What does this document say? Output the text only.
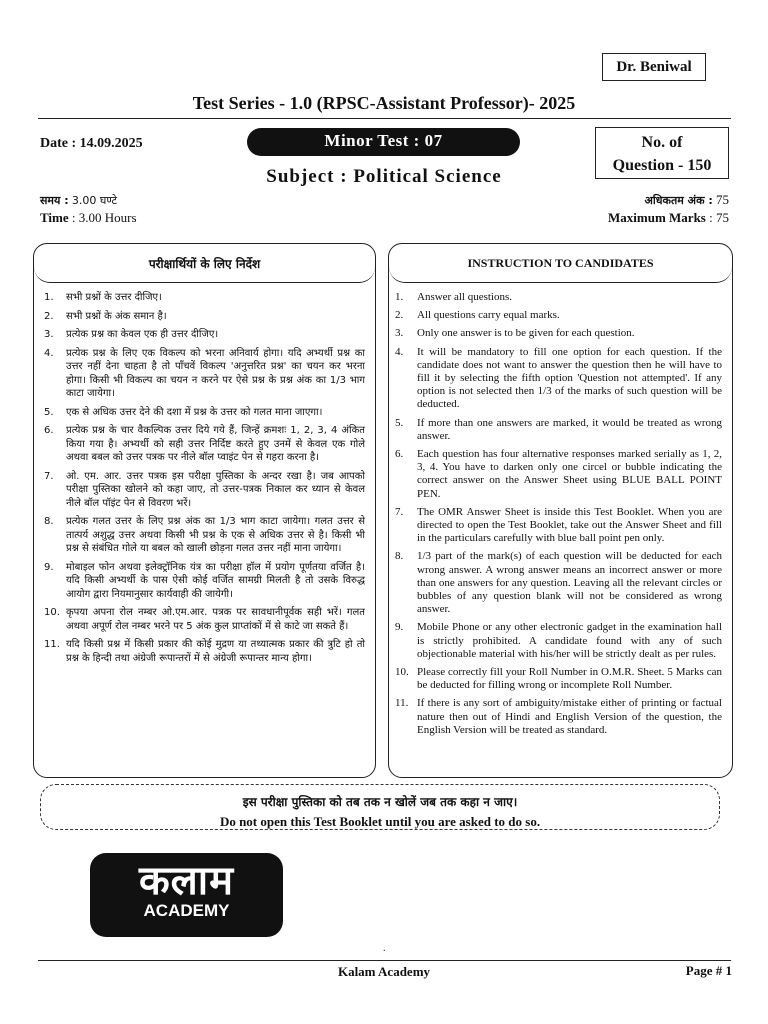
Dr. Beniwal
Test Series - 1.0 (RPSC-Assistant Professor)- 2025
Date : 14.09.2025	Minor Test : 07	No. of
Question - 150
Subject : Political Science
समय : 3.00 घण्टे
Time : 3.00 Hours
अधिकतम अंक : 75
Maximum Marks : 75
परीक्षार्थियों के लिए निर्देश
1. सभी प्रश्नों के उत्तर दीजिए।
2. सभी प्रश्नों के अंक समान है।
3. प्रत्येक प्रश्न का केवल एक ही उत्तर दीजिए।
4. प्रत्येक प्रश्न के लिए एक विकल्प को भरना अनिवार्य होगा। यदि अभ्यर्थी प्रश्न का उत्तर नहीं देना चाहता है तो पाँचवें विकल्प 'अनुत्तरित प्रश्न' का चयन कर भरना होगा। किसी भी विकल्प का चयन न करने पर ऐसे प्रश्न के प्रश्न अंक का 1/3 भाग काटा जायेगा।
5. एक से अधिक उत्तर देने की दशा में प्रश्न के उत्तर को गलत माना जाएगा।
6. प्रत्येक प्रश्न के चार वैकल्पिक उत्तर दिये गये हैं, जिन्हें क्रमशः 1, 2, 3, 4 अंकित किया गया है। अभ्यर्थी को सही उत्तर निर्दिष्ट करते हुए उनमें से केवल एक गोले अथवा बबल को उत्तर पत्रक पर नीले बॉल प्वाइंट पेन से गहरा करना है।
7. ओ. एम. आर. उत्तर पत्रक इस परीक्षा पुस्तिका के अन्दर रखा है। जब आपको परीक्षा पुस्तिका खोलने को कहा जाए, तो उत्तर-पत्रक निकाल कर ध्यान से केवल नीले बॉल पॉइंट पेन से विवरण भरें।
8. प्रत्येक गलत उत्तर के लिए प्रश्न अंक का 1/3 भाग काटा जायेगा। गलत उत्तर से तात्पर्य अशुद्ध उत्तर अथवा किसी भी प्रश्न के एक से अधिक उत्तर से है। किसी भी प्रश्न से संबंधित गोले या बबल को खाली छोड़ना गलत उत्तर नहीं माना जायेगा।
9. मोबाइल फोन अथवा इलेक्ट्रॉनिक यंत्र का परीक्षा हॉल में प्रयोग पूर्णतया वर्जित है। यदि किसी अभ्यर्थी के पास ऐसी कोई वर्जित सामग्री मिलती है तो उसके विरुद्ध आयोग द्वारा नियमानुसार कार्यवाही की जायेगी।
10. कृपया अपना रोल नम्बर ओ.एम.आर. पत्रक पर सावधानीपूर्वक सही भरें। गलत अथवा अपूर्ण रोल नम्बर भरने पर 5 अंक कुल प्राप्तांकों में से काटे जा सकते हैं।
11. यदि किसी प्रश्न में किसी प्रकार की कोई मुद्रण या तथ्यात्मक प्रकार की त्रुटि हो तो प्रश्न के हिन्दी तथा अंग्रेजी रूपान्तरों में से अंग्रेजी रूपान्तर मान्य होगा।
INSTRUCTION TO CANDIDATES
1. Answer all questions.
2. All questions carry equal marks.
3. Only one answer is to be given for each question.
4. It will be mandatory to fill one option for each question. If the candidate does not want to answer the question then he will have to fill it by selecting the fifth option 'Question not attempted'. If any option is not selected then 1/3 of the marks of such question will be deducted.
5. If more than one answers are marked, it would be treated as wrong answer.
6. Each question has four alternative responses marked serially as 1, 2, 3, 4. You have to darken only one circel or bubble indicating the correct answer on the Answer Sheet using BLUE BALL POINT PEN.
7. The OMR Answer Sheet is inside this Test Booklet. When you are directed to open the Test Booklet, take out the Answer Sheet and fill in the particulars carefully with blue ball point pen only.
8. 1/3 part of the mark(s) of each question will be deducted for each wrong answer. A wrong answer means an incorrect answer or more than one answers for any question. Leaving all the relevant circles or bubbles of any question blank will not be considered as wrong answer.
9. Mobile Phone or any other electronic gadget in the examination hall is strictly prohibited. A candidate found with any of such objectionable material with his/her will be strictly dealt as per rules.
10. Please correctly fill your Roll Number in O.M.R. Sheet. 5 Marks can be deducted for filling wrong or incomplete Roll Number.
11. If there is any sort of ambiguity/mistake either of printing or factual nature then out of Hindi and English Version of the question, the English Version will be treated as standard.
इस परीक्षा पुस्तिका को तब तक न खोलें जब तक कहा न जाए।
Do not open this Test Booklet until you are asked to do so.
कलाम
ACADEMY
.
Kalam Academy	Page # 1
